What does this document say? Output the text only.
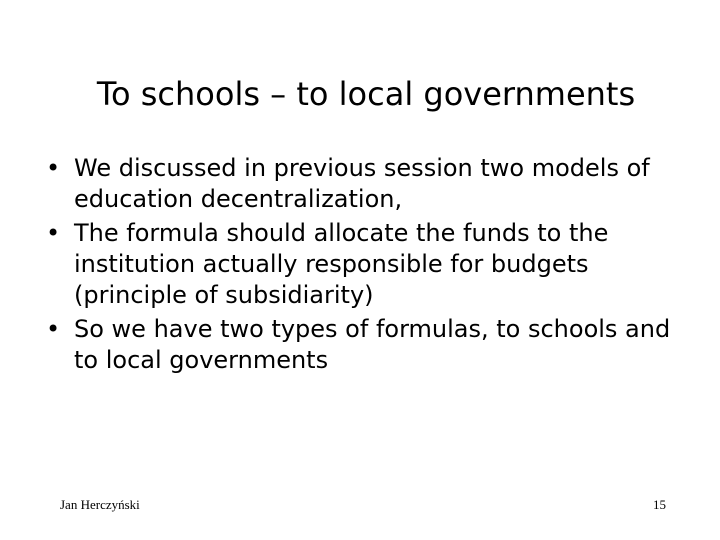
To schools – to local governments
• We discussed in previous session two models of education decentralization,
• The formula should allocate the funds to the institution actually responsible for budgets (principle of subsidiarity)
• So we have two types of formulas, to schools and to local governments
Jan Herczyński	15
